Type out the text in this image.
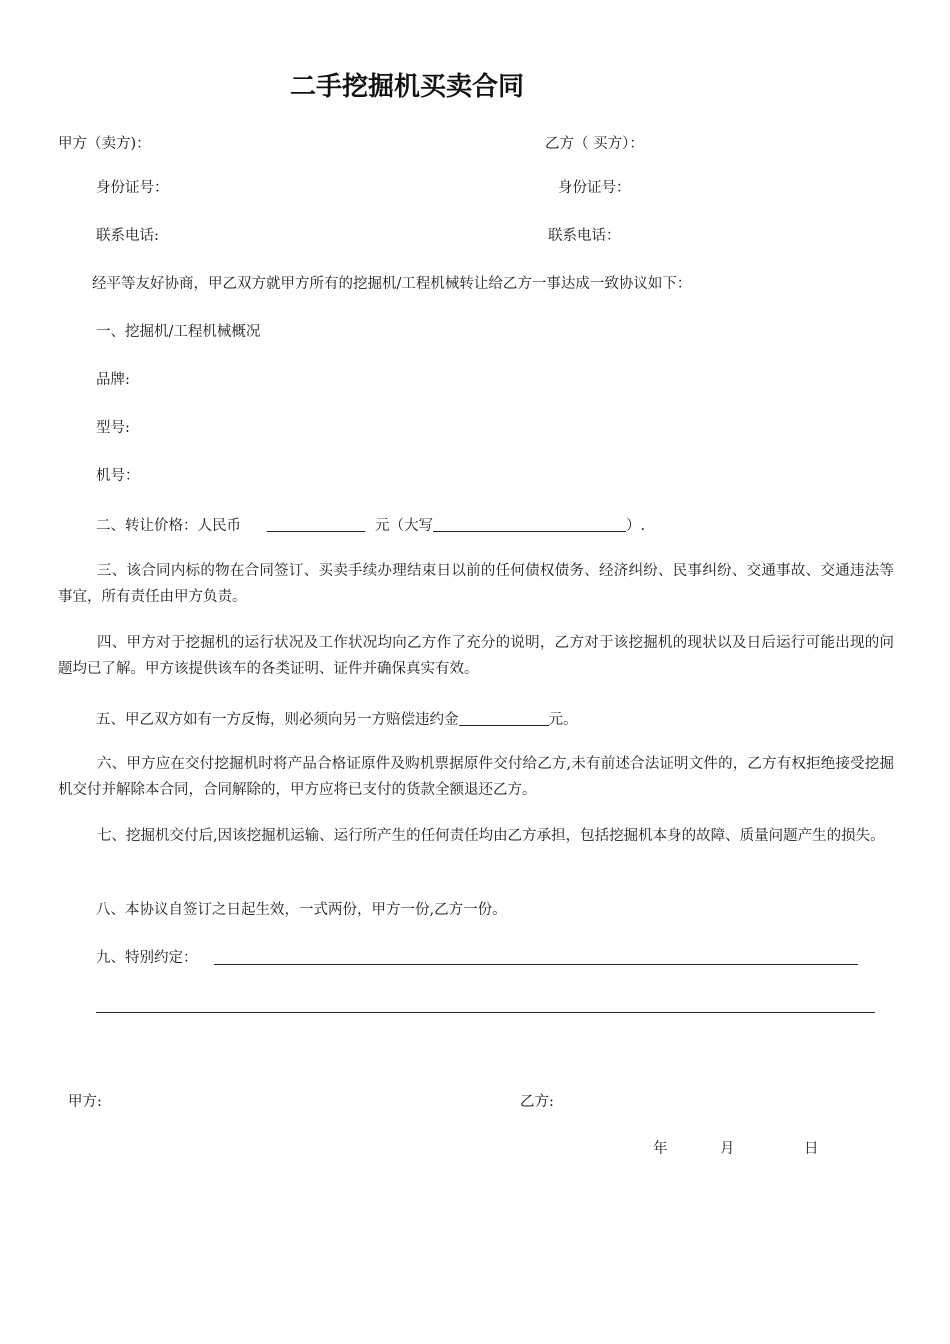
二手挖掘机买卖合同
甲方（卖方)：	乙方（ 买方）：
身份证号：	身份证号：
联系电话:	联系电话：
经平等友好协商，甲乙双方就甲方所有的挖掘机/工程机械转让给乙方一事达成一致协议如下：
一、挖掘机/工程机械概况
品牌:
型号:
机号：
二、转让价格：人民币	元（大写	）.
三、该合同内标的物在合同签订、买卖手续办理结束日以前的任何债权债务、经济纠纷、民事纠纷、交通事故、交通违法等事宜，所有责任由甲方负责。
四、甲方对于挖掘机的运行状况及工作状况均向乙方作了充分的说明，乙方对于该挖掘机的现状以及日后运行可能出现的问题均已了解。甲方该提供该车的各类证明、证件并确保真实有效。
五、甲乙双方如有一方反悔，则必须向另一方赔偿违约金	元。
六、甲方应在交付挖掘机时将产品合格证原件及购机票据原件交付给乙方,未有前述合法证明文件的，乙方有权拒绝接受挖掘机交付并解除本合同，合同解除的，甲方应将已支付的货款全额退还乙方。
七、挖掘机交付后,因该挖掘机运输、运行所产生的任何责任均由乙方承担，包括挖掘机本身的故障、质量问题产生的损失。
八、本协议自签订之日起生效，一式两份，甲方一份,乙方一份。
九、特别约定：
甲方:	乙方:
年	月	日
